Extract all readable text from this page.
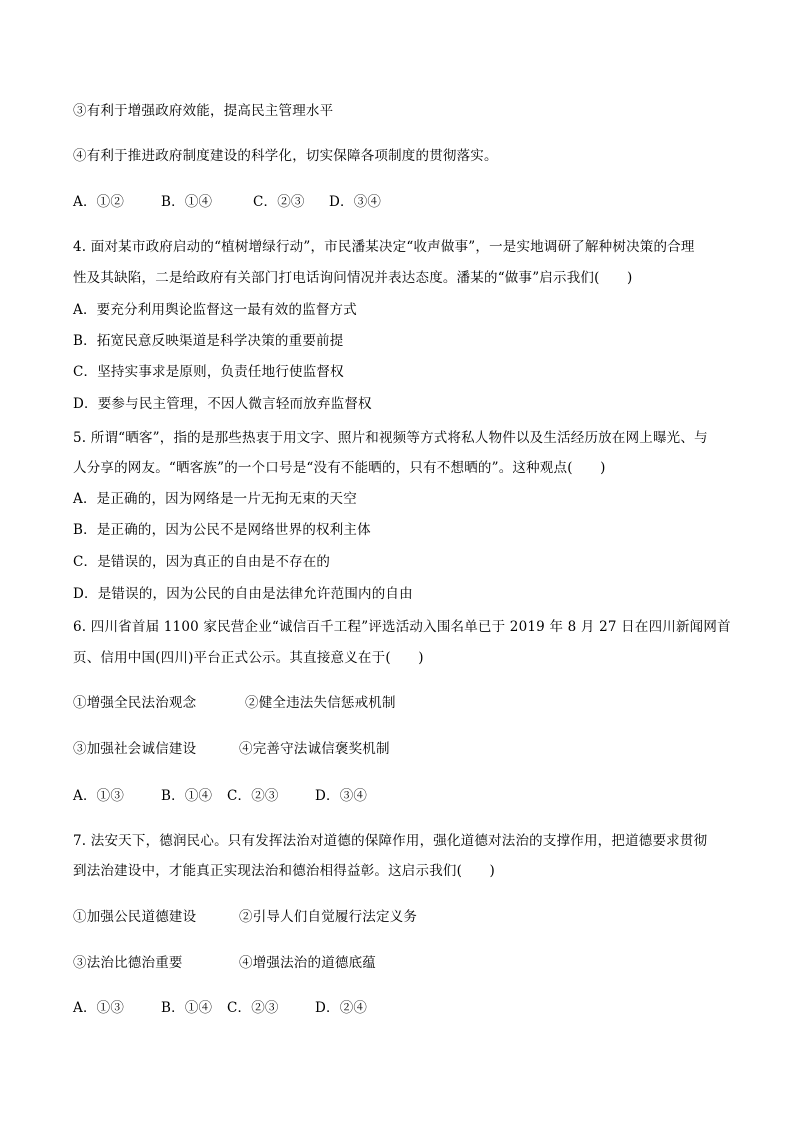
③有利于增强政府效能，提高民主管理水平
④有利于推进政府制度建设的科学化，切实保障各项制度的贯彻落实。
A．①②	B．①④	C．②③ D．③④
4. 面对某市政府启动的“植树增绿行动”，市民潘某决定“收声做事”，一是实地调研了解种树决策的合理
性及其缺陷，二是给政府有关部门打电话询问情况并表达态度。潘某的“做事”启示我们(　　)
A．要充分利用舆论监督这一最有效的监督方式
B．拓宽民意反映渠道是科学决策的重要前提
C．坚持实事求是原则，负责任地行使监督权
D．要参与民主管理，不因人微言轻而放弃监督权
5. 所谓“晒客”，指的是那些热衷于用文字、照片和视频等方式将私人物件以及生活经历放在网上曝光、与
人分享的网友。“晒客族”的一个口号是“没有不能晒的，只有不想晒的”。这种观点(　　)
A．是正确的，因为网络是一片无拘无束的天空
B．是正确的，因为公民不是网络世界的权利主体
C．是错误的，因为真正的自由是不存在的
D．是错误的，因为公民的自由是法律允许范围内的自由
6. 四川省首届 1100 家民营企业“诚信百千工程”评选活动入围名单已于 2019 年 8 月 27 日在四川新闻网首
页、信用中国(四川)平台正式公示。其直接意义在于(　　)
①增强全民法治观念	②健全违法失信惩戒机制
③加强社会诚信建设	④完善守法诚信褒奖机制
A．①③	B．①④ C．②③	D．③④
7. 法安天下，德润民心。只有发挥法治对道德的保障作用，强化道德对法治的支撑作用，把道德要求贯彻
到法治建设中，才能真正实现法治和德治相得益彰。这启示我们(　　)
①加强公民道德建设	②引导人们自觉履行法定义务
③法治比德治重要	④增强法治的道德底蕴
A．①③	B．①④ C．②③	D．②④
